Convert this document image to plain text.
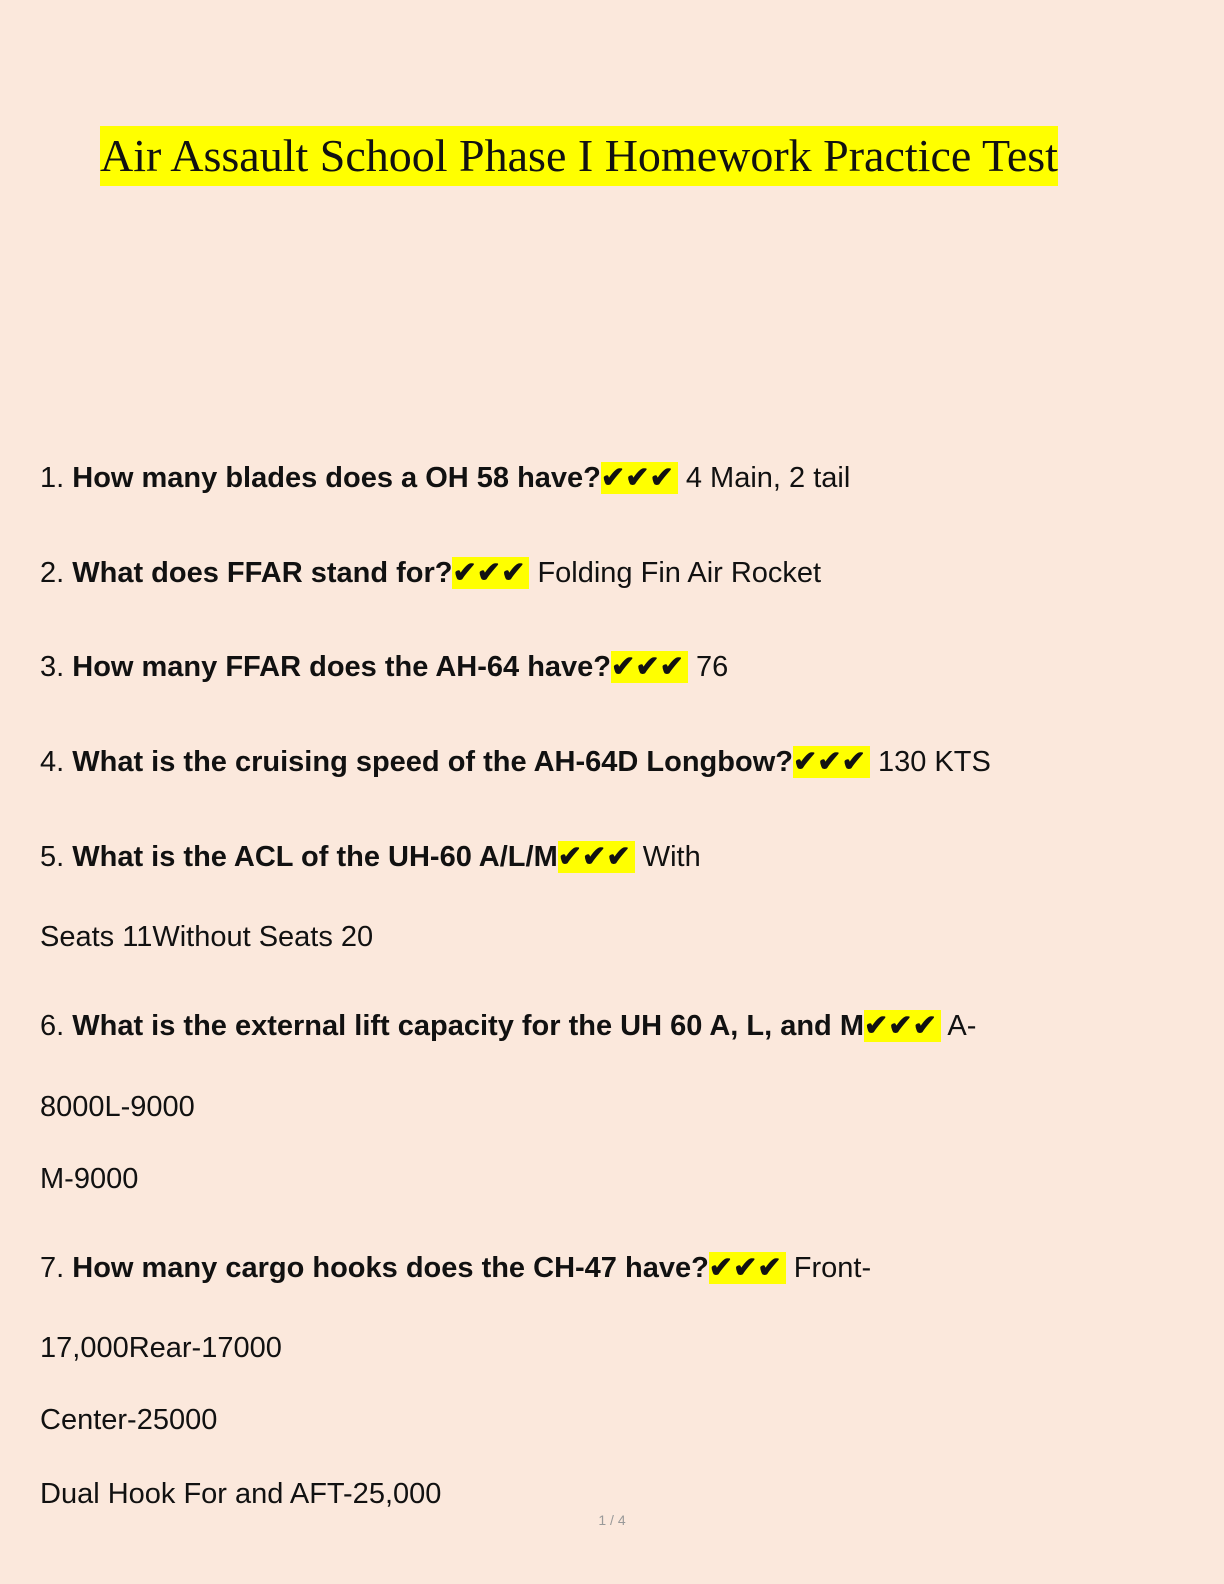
Air Assault School Phase I Homework Practice Test
1. How many blades does a OH 58 have?✔✔✔ 4 Main, 2 tail
2. What does FFAR stand for?✔✔✔ Folding Fin Air Rocket
3. How many FFAR does the AH-64 have?✔✔✔ 76
4. What is the cruising speed of the AH-64D Longbow?✔✔✔ 130 KTS
5. What is the ACL of the UH-60 A/L/M✔✔✔ With
Seats 11Without Seats 20
6. What is the external lift capacity for the UH 60 A, L, and M✔✔✔ A-
8000L-9000
M-9000
7. How many cargo hooks does the CH-47 have?✔✔✔ Front-
17,000Rear-17000
Center-25000
Dual Hook For and AFT-25,000
1 / 4
